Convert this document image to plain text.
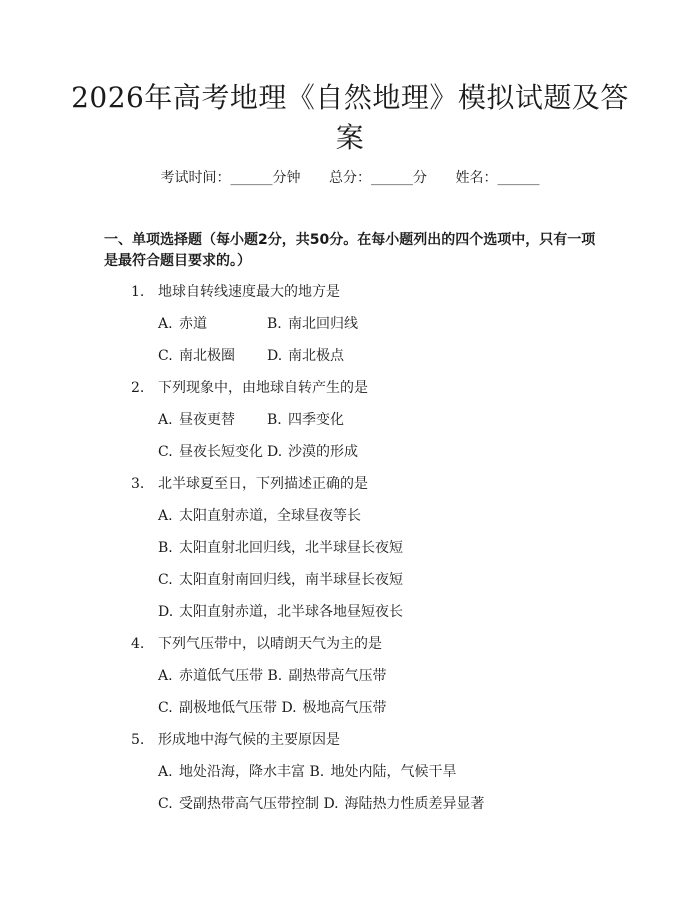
2026年高考地理《自然地理》模拟试题及答案
考试时间：______分钟 总分：______分 姓名：______
一、单项选择题（每小题2分，共50分。在每小题列出的四个选项中，只有一项是最符合题目要求的。）
1. 地球自转线速度最大的地方是
A. 赤道	B. 南北回归线
C. 南北极圈 D. 南北极点
2. 下列现象中，由地球自转产生的是
A. 昼夜更替 B. 四季变化
C. 昼夜长短变化 D. 沙漠的形成
3. 北半球夏至日，下列描述正确的是
A. 太阳直射赤道，全球昼夜等长
B. 太阳直射北回归线，北半球昼长夜短
C. 太阳直射南回归线，南半球昼长夜短
D. 太阳直射赤道，北半球各地昼短夜长
4. 下列气压带中，以晴朗天气为主的是
A. 赤道低气压带 B. 副热带高气压带
C. 副极地低气压带 D. 极地高气压带
5. 形成地中海气候的主要原因是
A. 地处沿海，降水丰富 B. 地处内陆，气候干旱
C. 受副热带高气压带控制 D. 海陆热力性质差异显著
